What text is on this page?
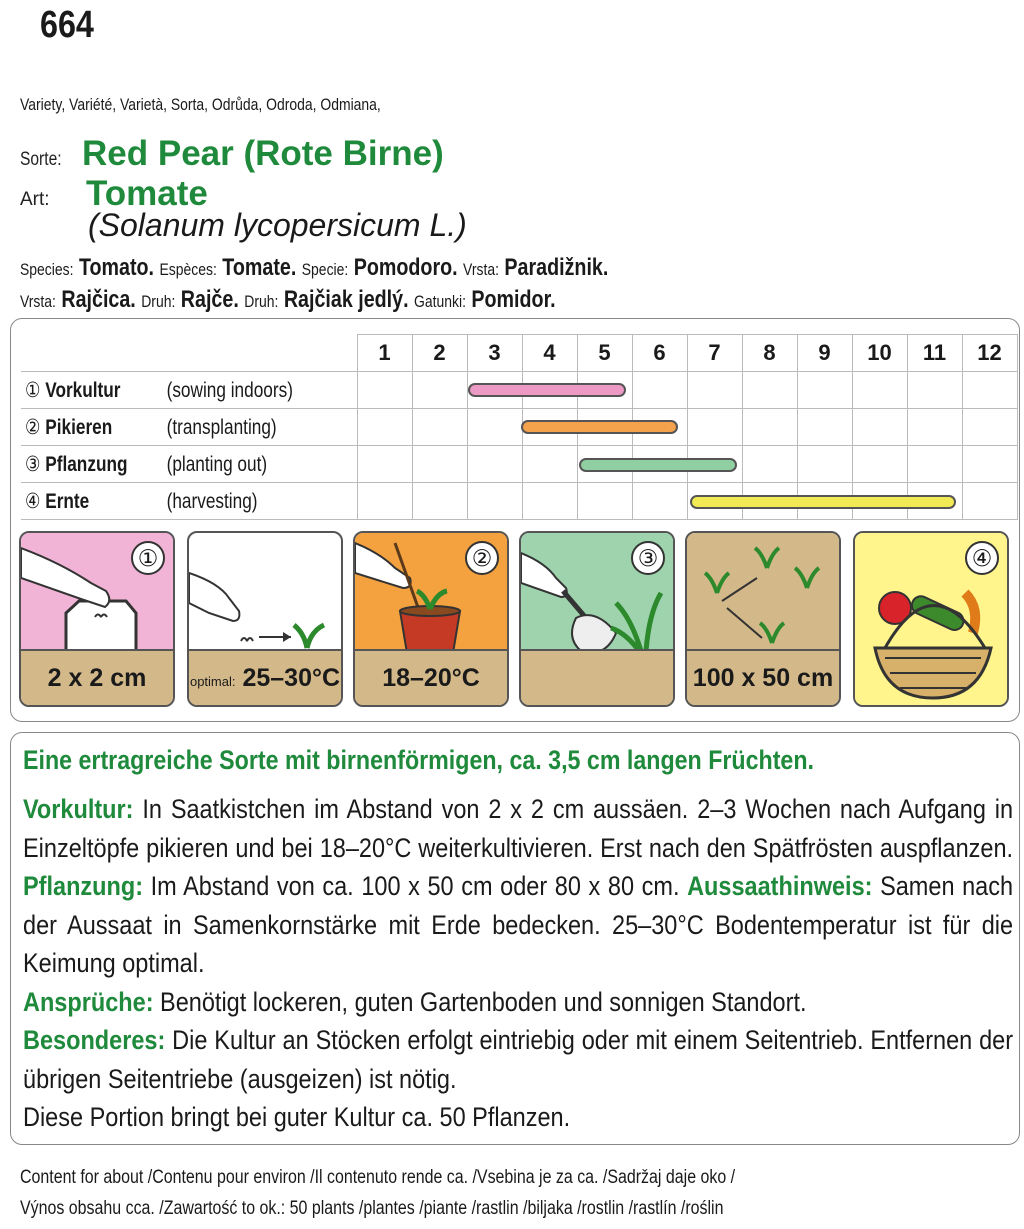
664
Variety, Variété, Varietà, Sorta, Odrůda, Odroda, Odmiana,
Sorte: Red Pear (Rote Birne)
Art: Tomate
(Solanum lycopersicum L.)
Species: Tomato. Espèces: Tomate. Specie: Pomodoro. Vrsta: Paradižnik.
Vrsta: Rajčica. Druh: Rajče. Druh: Rajčiak jedlý. Gatunki: Pomidor.
	1	2	3	4	5	6	7	8	9	10	11	12
① Vorkultur (sowing indoors)												
② Pikieren (transplanting)												
③ Pflanzung (planting out)												
④ Ernte (harvesting)												
①
2 x 2 cm	optimal: 25–30°C
②
18–20°C
③
100 x 50 cm
④
Eine ertragreiche Sorte mit birnenförmigen, ca. 3,5 cm langen Früchten.
Vorkultur: In Saatkistchen im Abstand von 2 x 2 cm aussäen. 2–3 Wochen nach Aufgang in Einzeltöpfe pikieren und bei 18–20°C weiterkultivieren. Erst nach den Spätfrösten auspflanzen. Pflanzung: Im Abstand von ca. 100 x 50 cm oder 80 x 80 cm. Aussaathinweis: Samen nach der Aussaat in Samenkornstärke mit Erde bedecken. 25–30°C Bodentemperatur ist für die Keimung optimal.
Ansprüche: Benötigt lockeren, guten Gartenboden und sonnigen Standort.
Besonderes: Die Kultur an Stöcken erfolgt eintriebig oder mit einem Seitentrieb. Entfernen der übrigen Seitentriebe (ausgeizen) ist nötig.
Diese Portion bringt bei guter Kultur ca. 50 Pflanzen.
Content for about /Contenu pour environ /Il contenuto rende ca. /Vsebina je za ca. /Sadržaj daje oko /
Výnos obsahu cca. /Zawartość to ok.: 50 plants /plantes /piante /rastlin /biljaka /rostlin /rastlín /roślin
